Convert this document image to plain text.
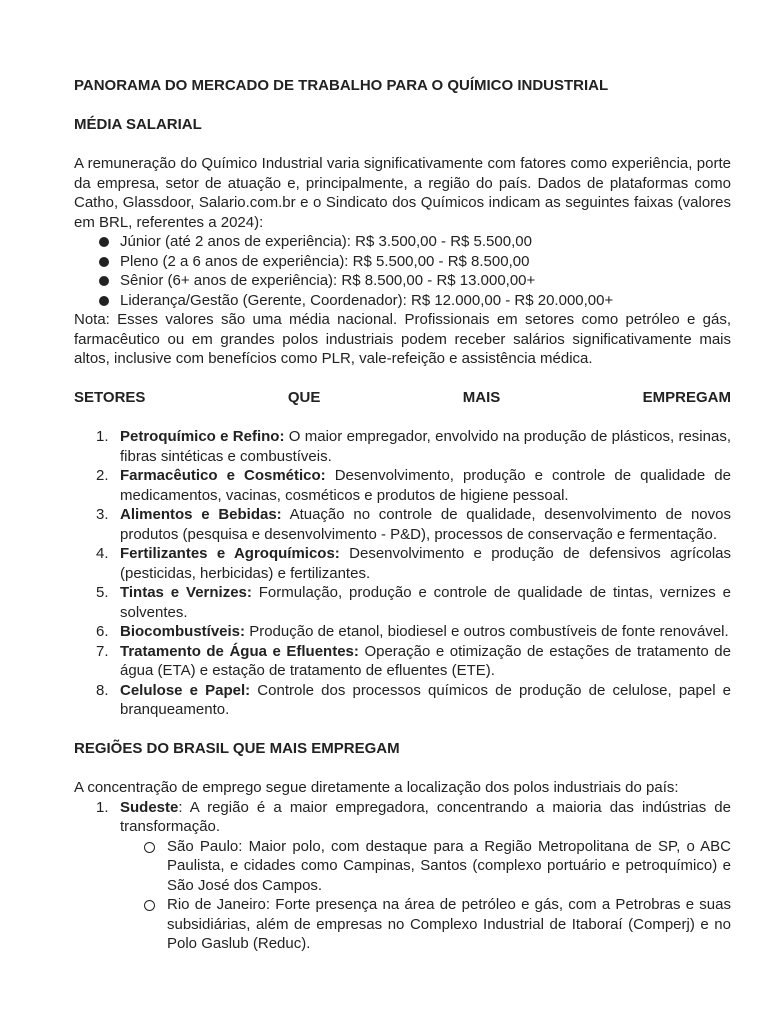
PANORAMA DO MERCADO DE TRABALHO PARA O QUÍMICO INDUSTRIAL

MÉDIA SALARIAL

A remuneração do Químico Industrial varia significativamente com fatores como experiência, porte da empresa, setor de atuação e, principalmente, a região do país. Dados de plataformas como Catho, Glassdoor, Salario.com.br e o Sindicato dos Químicos indicam as seguintes faixas (valores em BRL, referentes a 2024):

Júnior (até 2 anos de experiência): R$ 3.500,00 - R$ 5.500,00
Pleno (2 a 6 anos de experiência): R$ 5.500,00 - R$ 8.500,00
Sênior (6+ anos de experiência): R$ 8.500,00 - R$ 13.000,00+
Liderança/Gestão (Gerente, Coordenador): R$ 12.000,00 - R$ 20.000,00+

Nota: Esses valores são uma média nacional. Profissionais em setores como petróleo e gás, farmacêutico ou em grandes polos industriais podem receber salários significativamente mais altos, inclusive com benefícios como PLR, vale-refeição e assistência médica.

SETORES	QUE	MAIS	EMPREGAM
1. Petroquímico e Refino: O maior empregador, envolvido na produção de plásticos, resinas, fibras sintéticas e combustíveis.
2. Farmacêutico e Cosmético: Desenvolvimento, produção e controle de qualidade de medicamentos, vacinas, cosméticos e produtos de higiene pessoal.
3. Alimentos e Bebidas: Atuação no controle de qualidade, desenvolvimento de novos produtos (pesquisa e desenvolvimento - P&D), processos de conservação e fermentação.
4. Fertilizantes e Agroquímicos: Desenvolvimento e produção de defensivos agrícolas (pesticidas, herbicidas) e fertilizantes.
5. Tintas e Vernizes: Formulação, produção e controle de qualidade de tintas, vernizes e solventes.
6. Biocombustíveis: Produção de etanol, biodiesel e outros combustíveis de fonte renovável.
7. Tratamento de Água e Efluentes: Operação e otimização de estações de tratamento de água (ETA) e estação de tratamento de efluentes (ETE).
8. Celulose e Papel: Controle dos processos químicos de produção de celulose, papel e branqueamento.

REGIÕES DO BRASIL QUE MAIS EMPREGAM

A concentração de emprego segue diretamente a localização dos polos industriais do país:

1. Sudeste: A região é a maior empregadora, concentrando a maioria das indústrias de transformação.
São Paulo: Maior polo, com destaque para a Região Metropolitana de SP, o ABC Paulista, e cidades como Campinas, Santos (complexo portuário e petroquímico) e São José dos Campos.
Rio de Janeiro: Forte presença na área de petróleo e gás, com a Petrobras e suas subsidiárias, além de empresas no Complexo Industrial de Itaboraí (Comperj) e no Polo Gaslub (Reduc).
